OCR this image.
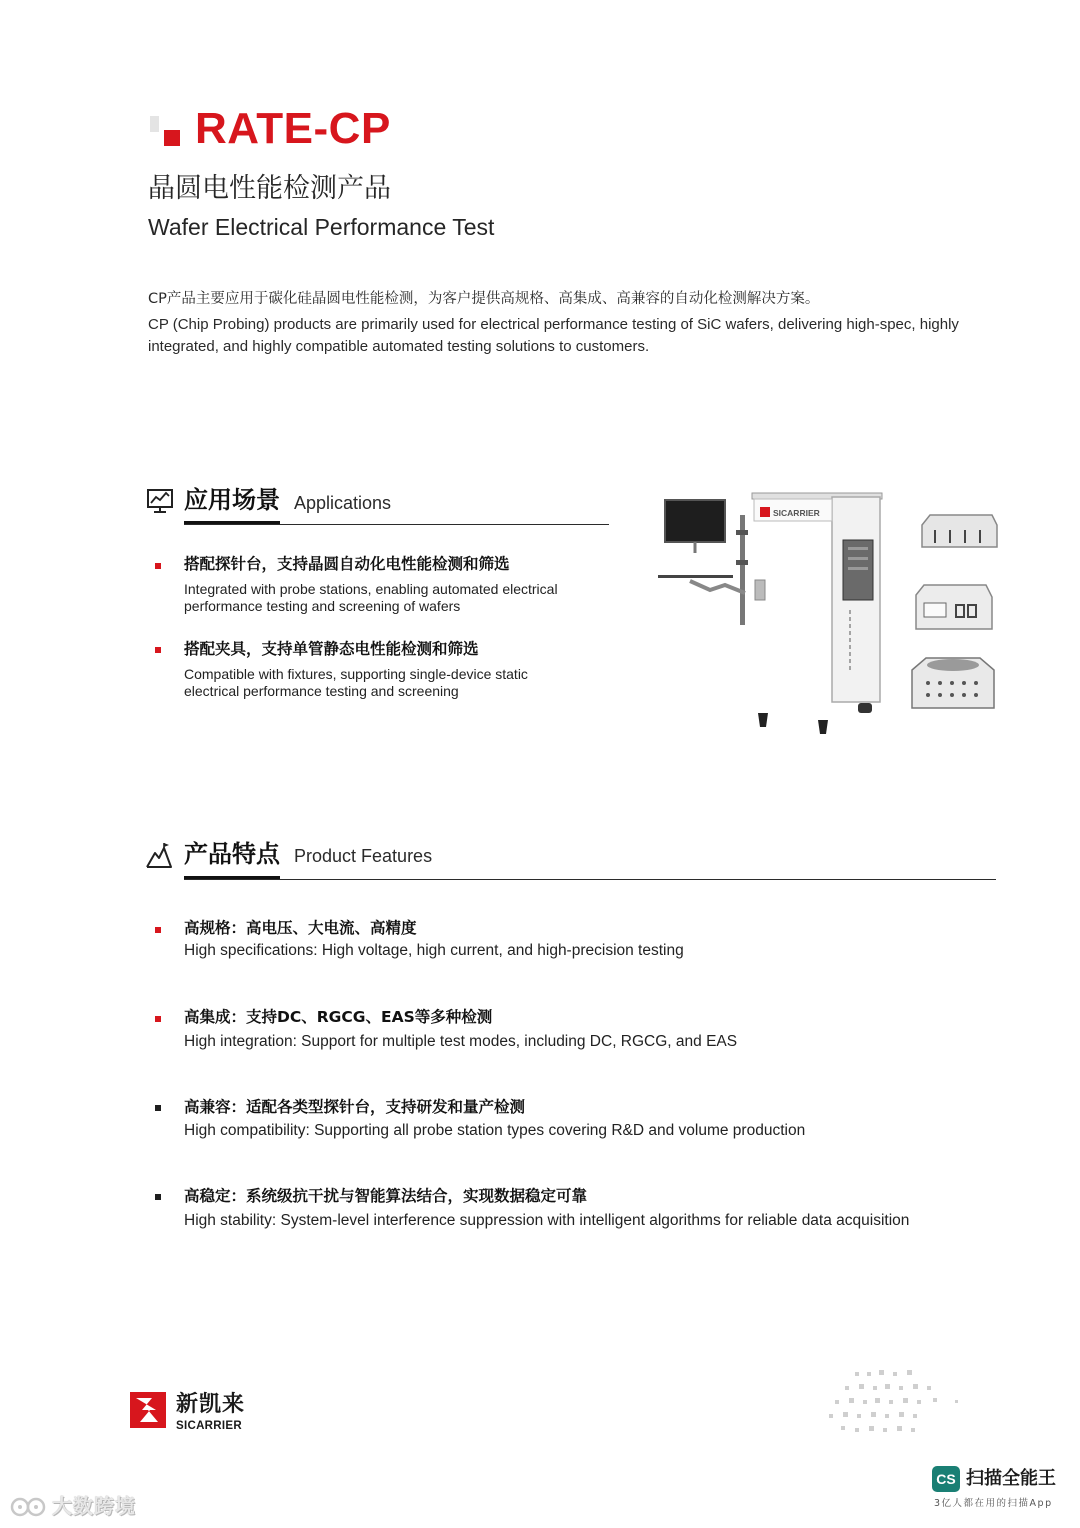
RATE-CP
晶圆电性能检测产品
Wafer Electrical Performance Test
CP产品主要应用于碳化硅晶圆电性能检测，为客户提供高规格、高集成、高兼容的自动化检测解决方案。
CP (Chip Probing) products are primarily used for electrical performance testing of SiC wafers, delivering high-spec, highly integrated, and highly compatible automated testing solutions to customers.
应用场景 Applications
搭配探针台，支持晶圆自动化电性能检测和筛选
Integrated with probe stations, enabling automated electrical performance testing and screening of wafers
搭配夹具，支持单管静态电性能检测和筛选
Compatible with fixtures, supporting single-device static electrical performance testing and screening
SICARRIER
产品特点 Product Features
高规格：高电压、大电流、高精度
High specifications: High voltage, high current, and high-precision testing
高集成：支持DC、RGCG、EAS等多种检测
High integration: Support for multiple test modes, including DC, RGCG, and EAS
高兼容：适配各类型探针台，支持研发和量产检测
High compatibility: Supporting all probe station types covering R&D and volume production
高稳定：系统级抗干扰与智能算法结合，实现数据稳定可靠
High stability: System-level interference suppression with intelligent algorithms for reliable data acquisition
新凯来
SICARRIER
CS 扫描全能王
3亿人都在用的扫描App
大数跨境
